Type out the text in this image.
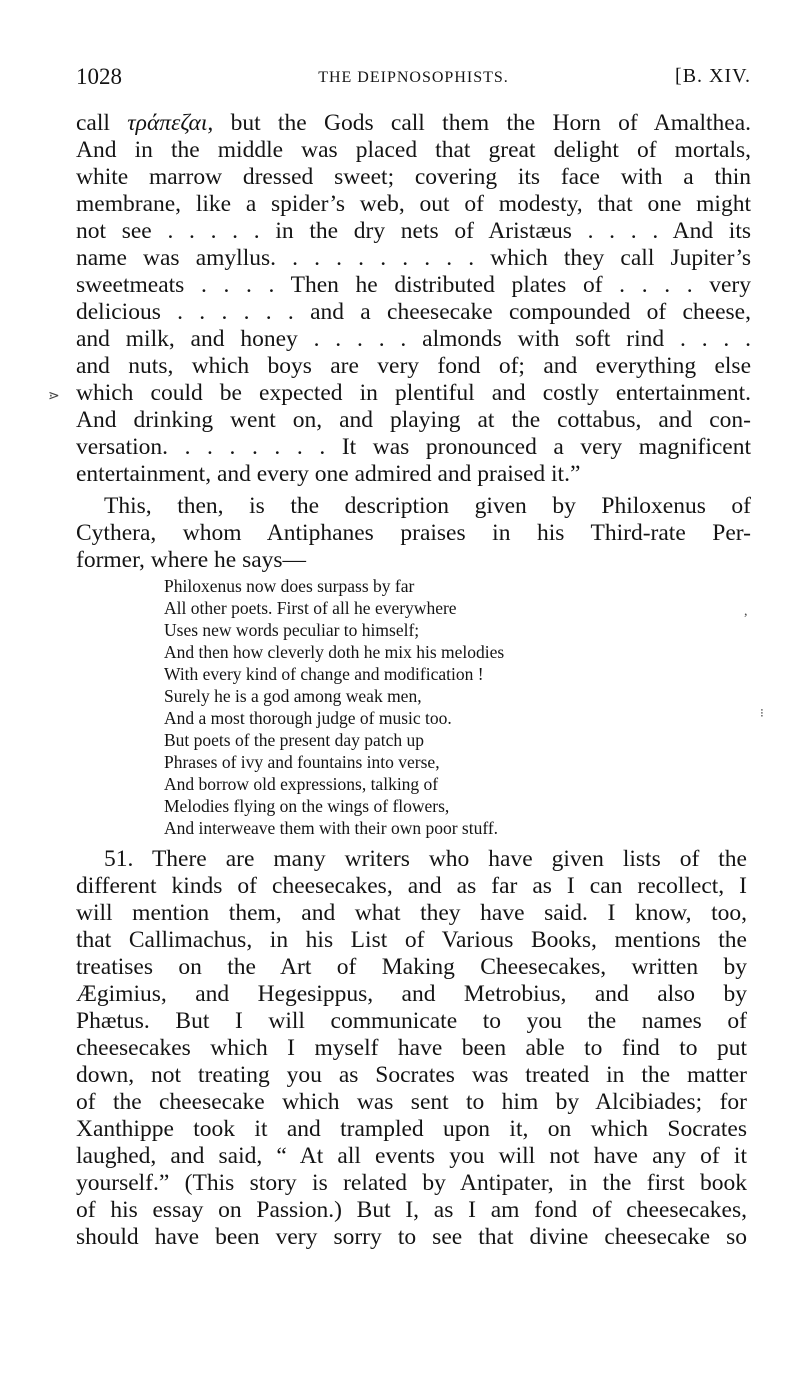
1028	THE DEIPNOSOPHISTS.	[B. XIV.
call τράπεζαι, but the Gods call them the Horn of Amalthea.
And in the middle was placed that great delight of mortals,
white marrow dressed sweet; covering its face with a thin
membrane, like a spider’s web, out of modesty, that one might
not see . . . . . in the dry nets of Aristæus . . . . And its
name was amyllus. . . . . . . . . . which they call Jupiter’s
sweetmeats . . . . Then he distributed plates of . . . . very
delicious . . . . . . and a cheesecake compounded of cheese,
and milk, and honey . . . . . almonds with soft rind . . . .
and nuts, which boys are very fond of; and everything else
which could be expected in plentiful and costly entertainment.
And drinking went on, and playing at the cottabus, and con-
versation. . . . . . . . It was pronounced a very magnificent
entertainment, and every one admired and praised it.”
⋗
,
⁝
This, then, is the description given by Philoxenus of
Cythera, whom Antiphanes praises in his Third-rate Per-
former, where he says—
Philoxenus now does surpass by far
All other poets. First of all he everywhere
Uses new words peculiar to himself;
And then how cleverly doth he mix his melodies
With every kind of change and modification !
Surely he is a god among weak men,
And a most thorough judge of music too.
But poets of the present day patch up
Phrases of ivy and fountains into verse,
And borrow old expressions, talking of
Melodies flying on the wings of flowers,
And interweave them with their own poor stuff.
51. There are many writers who have given lists of the
different kinds of cheesecakes, and as far as I can recollect, I
will mention them, and what they have said. I know, too,
that Callimachus, in his List of Various Books, mentions the
treatises on the Art of Making Cheesecakes, written by
Ægimius, and Hegesippus, and Metrobius, and also by
Phætus. But I will communicate to you the names of
cheesecakes which I myself have been able to find to put
down, not treating you as Socrates was treated in the matter
of the cheesecake which was sent to him by Alcibiades; for
Xanthippe took it and trampled upon it, on which Socrates
laughed, and said, “ At all events you will not have any of it
yourself.” (This story is related by Antipater, in the first book
of his essay on Passion.) But I, as I am fond of cheesecakes,
should have been very sorry to see that divine cheesecake so
